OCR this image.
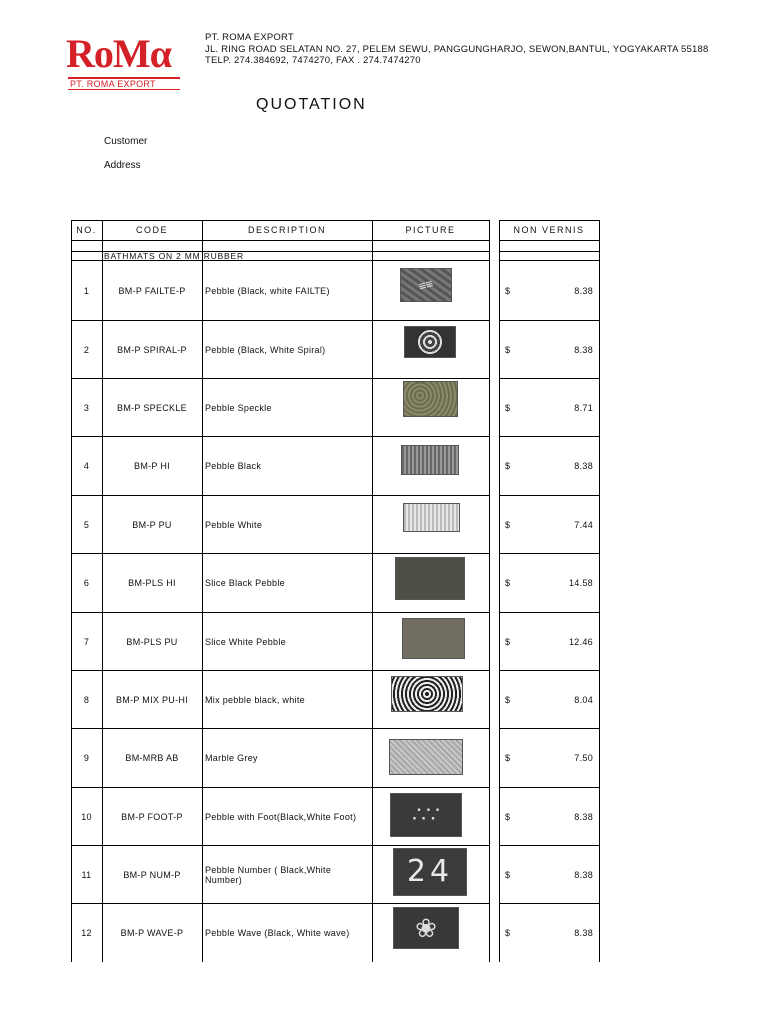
RoMα
PT. ROMA EXPORT
PT. ROMA EXPORT
JL. RING ROAD SELATAN NO. 27, PELEM SEWU, PANGGUNGHARJO, SEWON,BANTUL, YOGYAKARTA 55188
TELP. 274.384692, 7474270, FAX . 274.7474270
QUOTATION
Customer
Address
NO.	CODE	DESCRIPTION	PICTURE	NON VERNIS
BATHMATS ON 2 MM RUBBER
1	BM-P FAILTE-P	Pebble (Black, white FAILTE)	$	8.38
≡≡
2	BM-P SPIRAL-P	Pebble (Black, White Spiral)	$	8.38
3	BM-P SPECKLE	Pebble Speckle	$	8.71
4	BM-P HI	Pebble Black	$	8.38
5	BM-P PU	Pebble White	$	7.44
6	BM-PLS HI	Slice Black Pebble	$	14.58
7	BM-PLS PU	Slice White Pebble	$	12.46
8	BM-P MIX PU-HI	Mix pebble black, white	$	8.04
9	BM-MRB AB	Marble Grey	$	7.50
10	BM-P FOOT-P	Pebble with Foot(Black,White Foot)	$	8.38
∴∵
11	BM-P NUM-P	Pebble Number ( Black,White Number)	$	8.38
24
12	BM-P WAVE-P	Pebble Wave (Black, White wave)	$	8.38
❀
